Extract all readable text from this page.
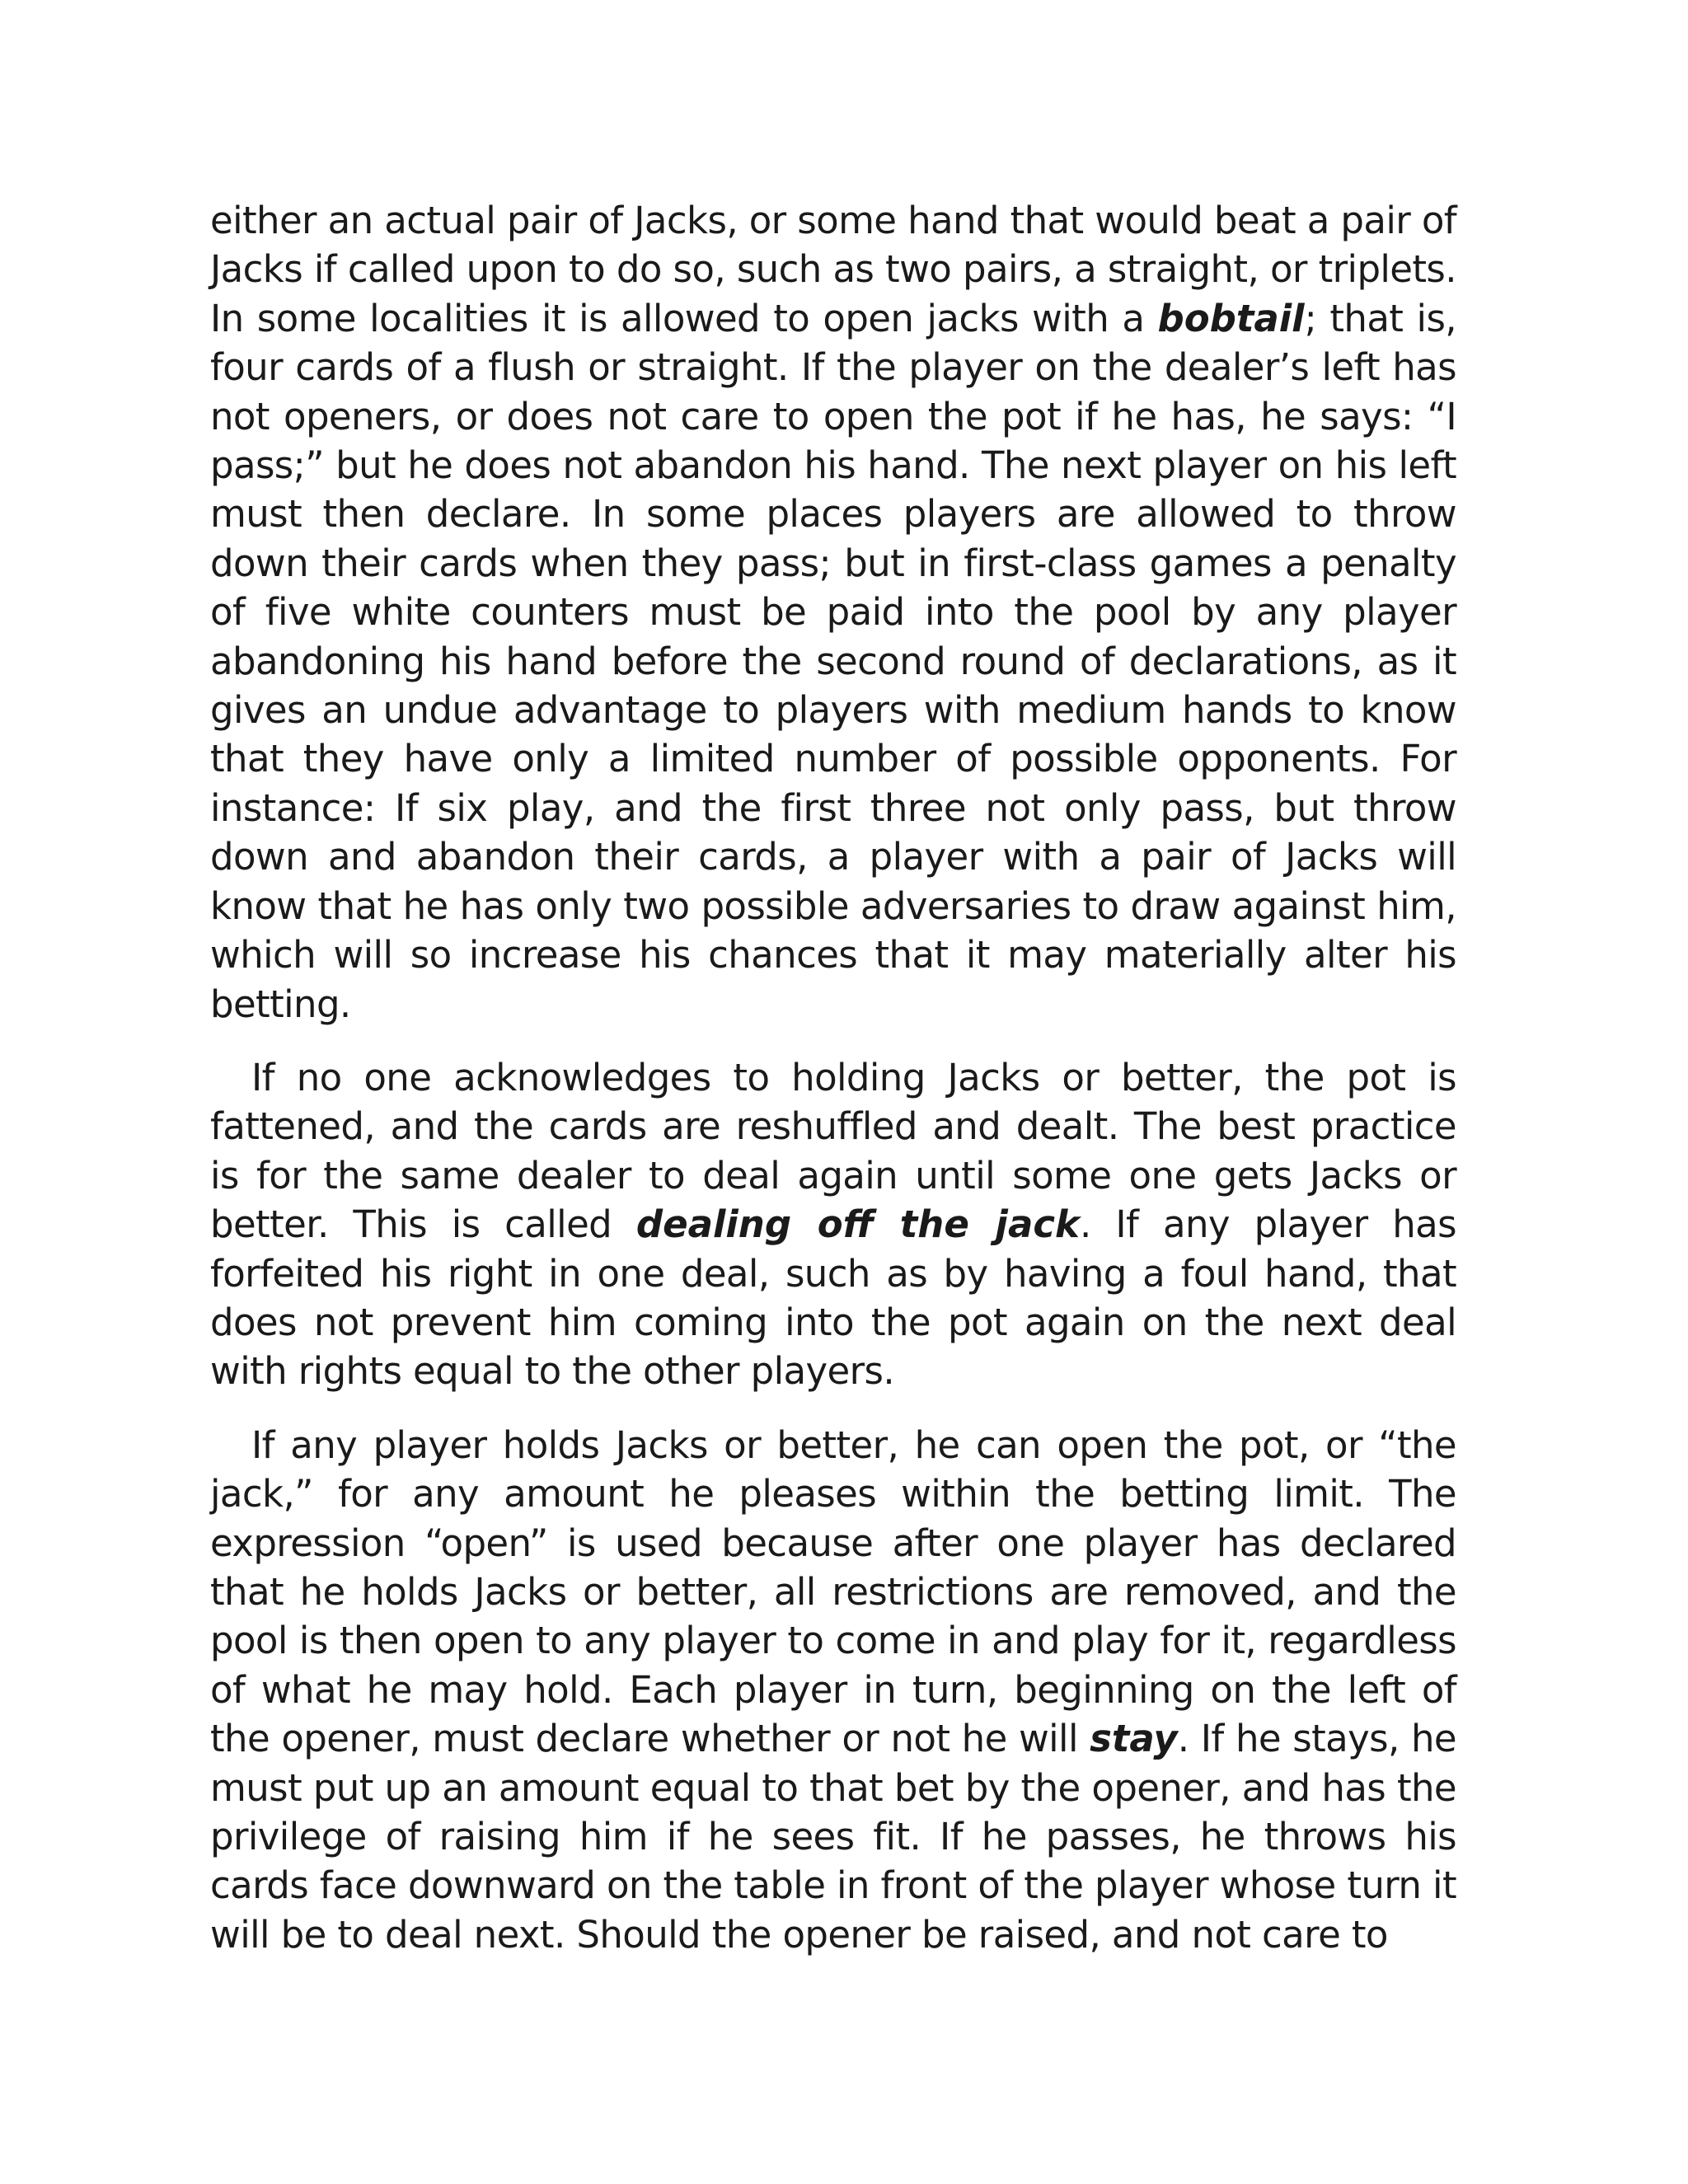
either an actual pair of Jacks, or some hand that would beat a pair of Jacks if called upon to do so, such as two pairs, a straight, or triplets. In some localities it is allowed to open jacks with a bobtail; that is, four cards of a flush or straight. If the player on the dealer’s left has not openers, or does not care to open the pot if he has, he says: “I pass;” but he does not abandon his hand. The next player on his left must then declare. In some places players are allowed to throw down their cards when they pass; but in first-class games a penalty of five white counters must be paid into the pool by any player abandoning his hand before the second round of declarations, as it gives an undue advantage to players with medium hands to know that they have only a limited number of possible opponents. For instance: If six play, and the first three not only pass, but throw down and abandon their cards, a player with a pair of Jacks will know that he has only two possible adversaries to draw against him, which will so increase his chances that it may materially alter his betting.

If no one acknowledges to holding Jacks or better, the pot is fattened, and the cards are reshuffled and dealt. The best practice is for the same dealer to deal again until some one gets Jacks or better. This is called dealing off the jack. If any player has forfeited his right in one deal, such as by having a foul hand, that does not prevent him coming into the pot again on the next deal with rights equal to the other players.

If any player holds Jacks or better, he can open the pot, or “the jack,” for any amount he pleases within the betting limit. The expression “open” is used because after one player has declared that he holds Jacks or better, all restrictions are removed, and the pool is then open to any player to come in and play for it, regardless of what he may hold. Each player in turn, beginning on the left of the opener, must declare whether or not he will stay. If he stays, he must put up an amount equal to that bet by the opener, and has the privilege of raising him if he sees fit. If he passes, he throws his cards face downward on the table in front of the player whose turn it will be to deal next. Should the opener be raised, and not care to
